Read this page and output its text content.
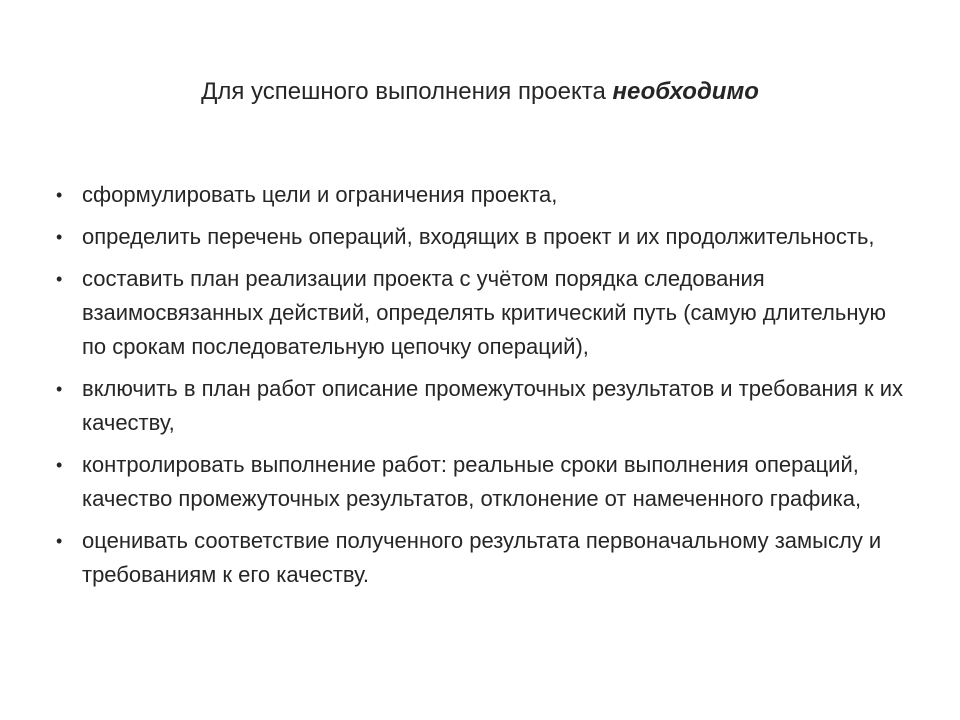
Для успешного выполнения проекта необходимо
• сформулировать цели и ограничения проекта,
• определить перечень операций, входящих в проект и их продолжительность,
• составить план реализации проекта с учётом порядка следования взаимосвязанных действий, определять критический путь (самую длительную по срокам последовательную цепочку операций),
• включить в план работ описание промежуточных результатов и требования к их качеству,
• контролировать выполнение работ: реальные сроки выполнения операций, качество промежуточных результатов, отклонение от намеченного графика,
• оценивать соответствие полученного результата первоначальному замыслу и требованиям к его качеству.
